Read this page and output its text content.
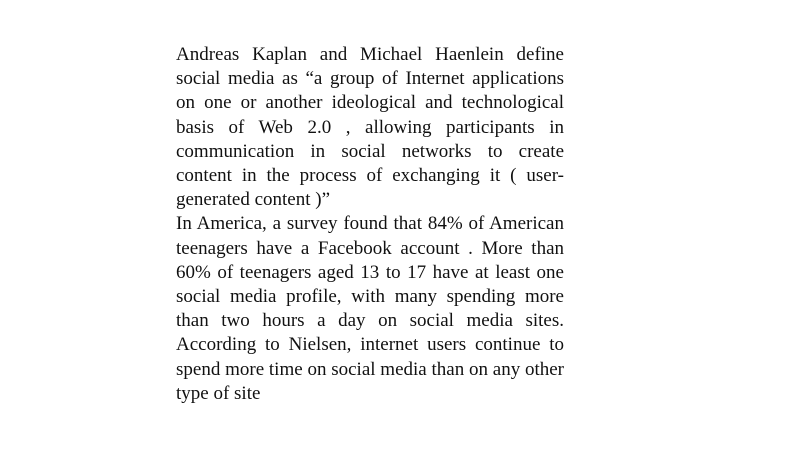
Andreas Kaplan and Michael Haenlein define social media as “a group of Internet applications on one or another ideological and technological basis of Web 2.0 , allowing participants in communication in social networks to create content in the process of exchanging it ( user-generated content )”

In America, a survey found that 84% of American teenagers have a Facebook account . More than 60% of teenagers aged 13 to 17 have at least one social media profile, with many spending more than two hours a day on social media sites. According to Nielsen, internet users continue to spend more time on social media than on any other type of site
